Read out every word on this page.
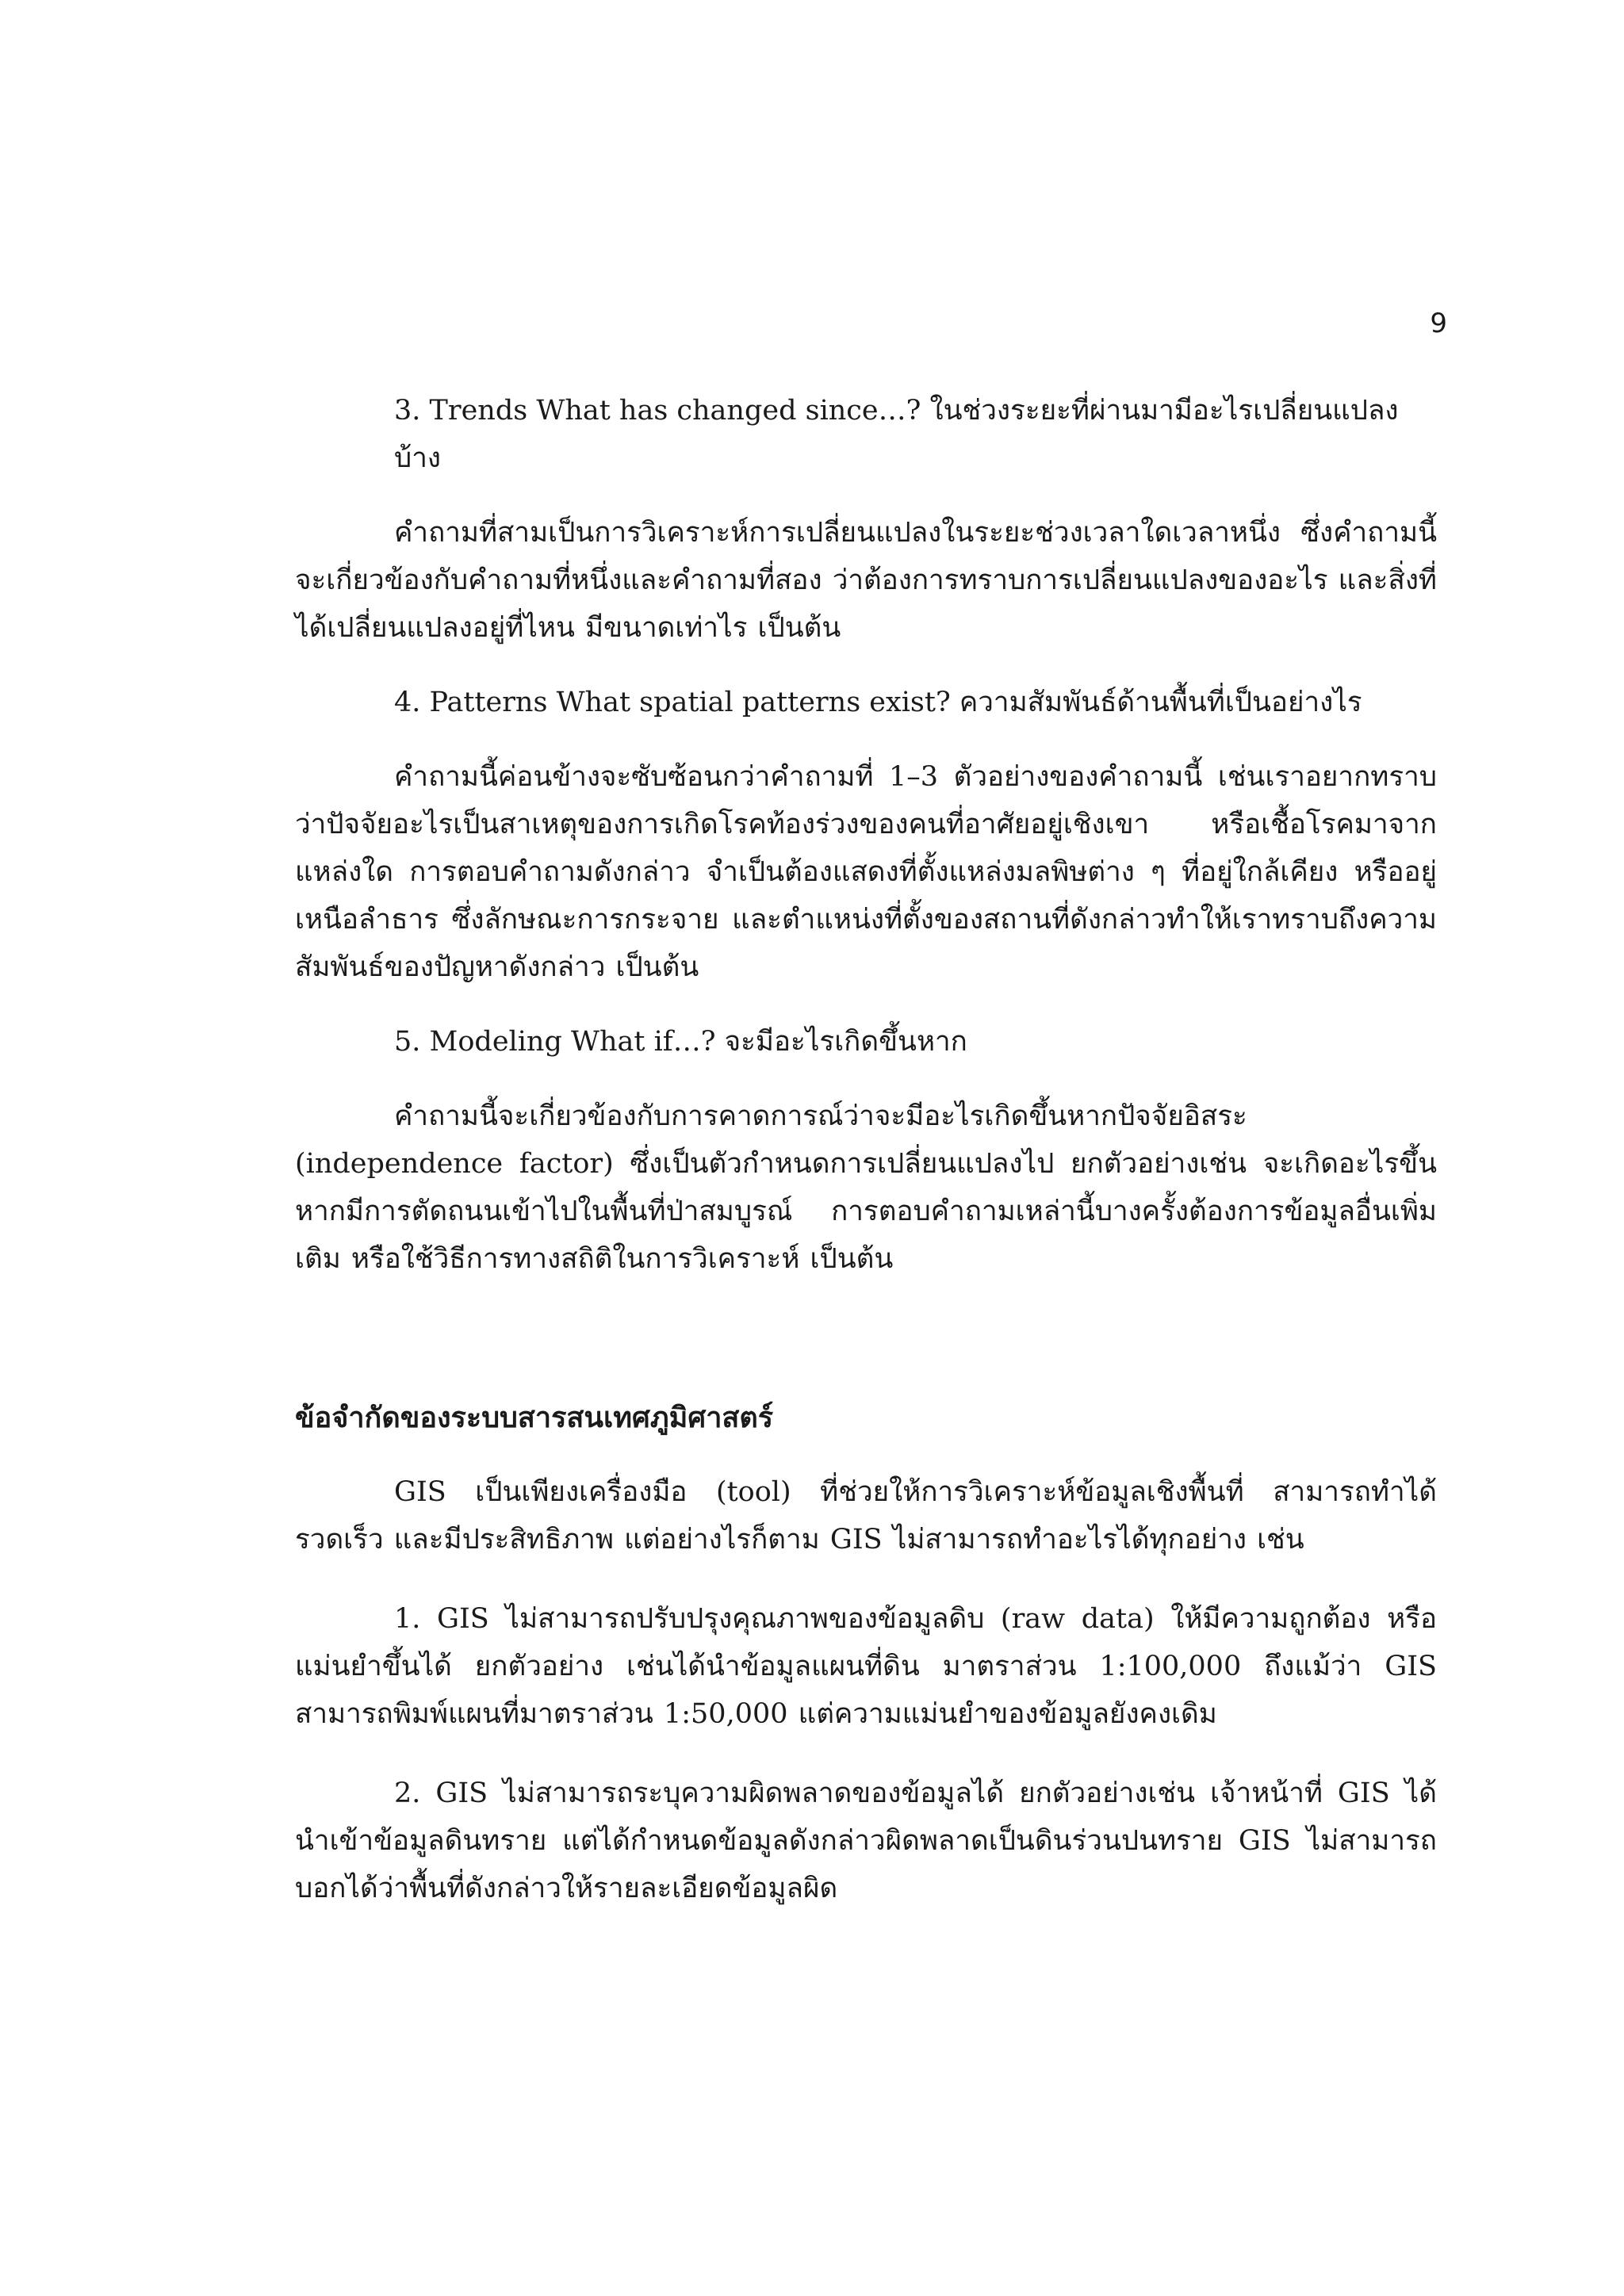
9

3. Trends What has changed since…? ในช่วงระยะที่ผ่านมามีอะไรเปลี่ยนแปลงบ้าง

คำถามที่สามเป็นการวิเคราะห์การเปลี่ยนแปลงในระยะช่วงเวลาใดเวลาหนึ่ง ซึ่งคำถามนี้จะเกี่ยวข้องกับคำถามที่หนึ่งและคำถามที่สอง ว่าต้องการทราบการเปลี่ยนแปลงของอะไร และสิ่งที่ได้เปลี่ยนแปลงอยู่ที่ไหน มีขนาดเท่าไร เป็นต้น

4. Patterns What spatial patterns exist? ความสัมพันธ์ด้านพื้นที่เป็นอย่างไร

คำถามนี้ค่อนข้างจะซับซ้อนกว่าคำถามที่ 1–3 ตัวอย่างของคำถามนี้ เช่นเราอยากทราบว่าปัจจัยอะไรเป็นสาเหตุของการเกิดโรคท้องร่วงของคนที่อาศัยอยู่เชิงเขา หรือเชื้อโรคมาจากแหล่งใด การตอบคำถามดังกล่าว จำเป็นต้องแสดงที่ตั้งแหล่งมลพิษต่าง ๆ ที่อยู่ใกล้เคียง หรืออยู่เหนือลำธาร ซึ่งลักษณะการกระจาย และตำแหน่งที่ตั้งของสถานที่ดังกล่าวทำให้เราทราบถึงความสัมพันธ์ของปัญหาดังกล่าว เป็นต้น

5. Modeling What if…? จะมีอะไรเกิดขึ้นหาก

คำถามนี้จะเกี่ยวข้องกับการคาดการณ์ว่าจะมีอะไรเกิดขึ้นหากปัจจัยอิสระ (independence factor) ซึ่งเป็นตัวกำหนดการเปลี่ยนแปลงไป ยกตัวอย่างเช่น จะเกิดอะไรขึ้นหากมีการตัดถนนเข้าไปในพื้นที่ป่าสมบูรณ์ การตอบคำถามเหล่านี้บางครั้งต้องการข้อมูลอื่นเพิ่มเติม หรือใช้วิธีการทางสถิติในการวิเคราะห์ เป็นต้น

ข้อจำกัดของระบบสารสนเทศภูมิศาสตร์

GIS เป็นเพียงเครื่องมือ (tool) ที่ช่วยให้การวิเคราะห์ข้อมูลเชิงพื้นที่ สามารถทำได้รวดเร็ว และมีประสิทธิภาพ แต่อย่างไรก็ตาม GIS ไม่สามารถทำอะไรได้ทุกอย่าง เช่น

1. GIS ไม่สามารถปรับปรุงคุณภาพของข้อมูลดิบ (raw data) ให้มีความถูกต้อง หรือแม่นยำขึ้นได้ ยกตัวอย่าง เช่นได้นำข้อมูลแผนที่ดิน มาตราส่วน 1:100,000 ถึงแม้ว่า GIS สามารถพิมพ์แผนที่มาตราส่วน 1:50,000 แต่ความแม่นยำของข้อมูลยังคงเดิม

2. GIS ไม่สามารถระบุความผิดพลาดของข้อมูลได้ ยกตัวอย่างเช่น เจ้าหน้าที่ GIS ได้นำเข้าข้อมูลดินทราย แต่ได้กำหนดข้อมูลดังกล่าวผิดพลาดเป็นดินร่วนปนทราย GIS ไม่สามารถบอกได้ว่าพื้นที่ดังกล่าวให้รายละเอียดข้อมูลผิด
